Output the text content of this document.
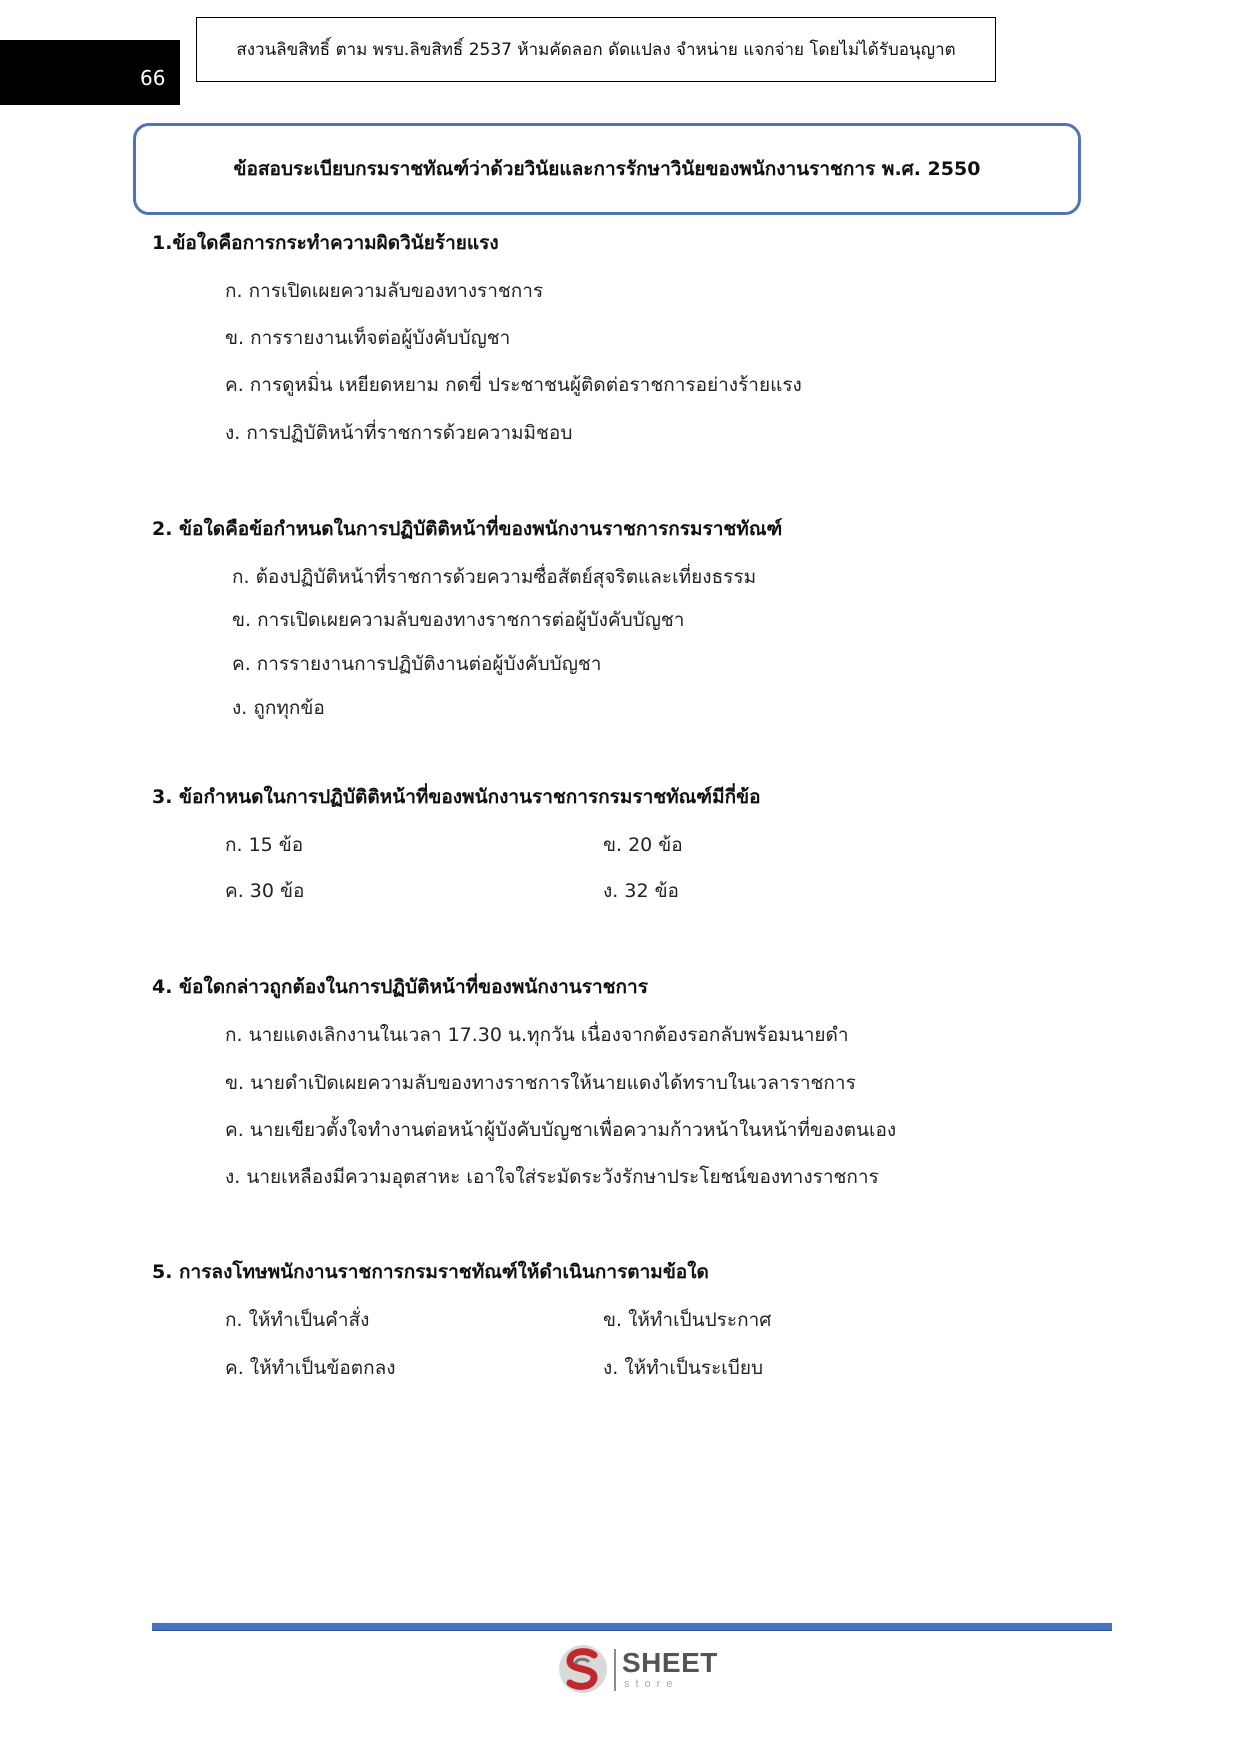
66
สงวนลิขสิทธิ์ ตาม พรบ.ลิขสิทธิ์ 2537 ห้ามคัดลอก ดัดแปลง จำหน่าย แจกจ่าย โดยไม่ได้รับอนุญาต
ข้อสอบระเบียบกรมราชทัณฑ์ว่าด้วยวินัยและการรักษาวินัยของพนักงานราชการ พ.ศ. 2550
1.ข้อใดคือการกระทำความผิดวินัยร้ายแรง
ก. การเปิดเผยความลับของทางราชการ
ข. การรายงานเท็จต่อผู้บังคับบัญชา
ค. การดูหมิ่น เหยียดหยาม กดขี่ ประชาชนผู้ติดต่อราชการอย่างร้ายแรง
ง. การปฏิบัติหน้าที่ราชการด้วยความมิชอบ
2. ข้อใดคือข้อกำหนดในการปฏิบัติติหน้าที่ของพนักงานราชการกรมราชทัณฑ์
ก. ต้องปฏิบัติหน้าที่ราชการด้วยความซื่อสัตย์สุจริตและเที่ยงธรรม
ข. การเปิดเผยความลับของทางราชการต่อผู้บังคับบัญชา
ค. การรายงานการปฏิบัติงานต่อผู้บังคับบัญชา
ง. ถูกทุกข้อ
3. ข้อกำหนดในการปฏิบัติติหน้าที่ของพนักงานราชการกรมราชทัณฑ์มีกี่ข้อ
ก. 15 ข้อ	ข. 20 ข้อ
ค. 30 ข้อ	ง. 32 ข้อ
4. ข้อใดกล่าวถูกต้องในการปฏิบัติหน้าที่ของพนักงานราชการ
ก. นายแดงเลิกงานในเวลา 17.30 น.ทุกวัน เนื่องจากต้องรอกลับพร้อมนายดำ
ข. นายดำเปิดเผยความลับของทางราชการให้นายแดงได้ทราบในเวลาราชการ
ค. นายเขียวตั้งใจทำงานต่อหน้าผู้บังคับบัญชาเพื่อความก้าวหน้าในหน้าที่ของตนเอง
ง. นายเหลืองมีความอุตสาหะ เอาใจใส่ระมัดระวังรักษาประโยชน์ของทางราชการ
5. การลงโทษพนักงานราชการกรมราชทัณฑ์ให้ดำเนินการตามข้อใด
ก. ให้ทำเป็นคำสั่ง	ข. ให้ทำเป็นประกาศ
ค. ให้ทำเป็นข้อตกลง	ง. ให้ทำเป็นระเบียบ
SHEET
store
